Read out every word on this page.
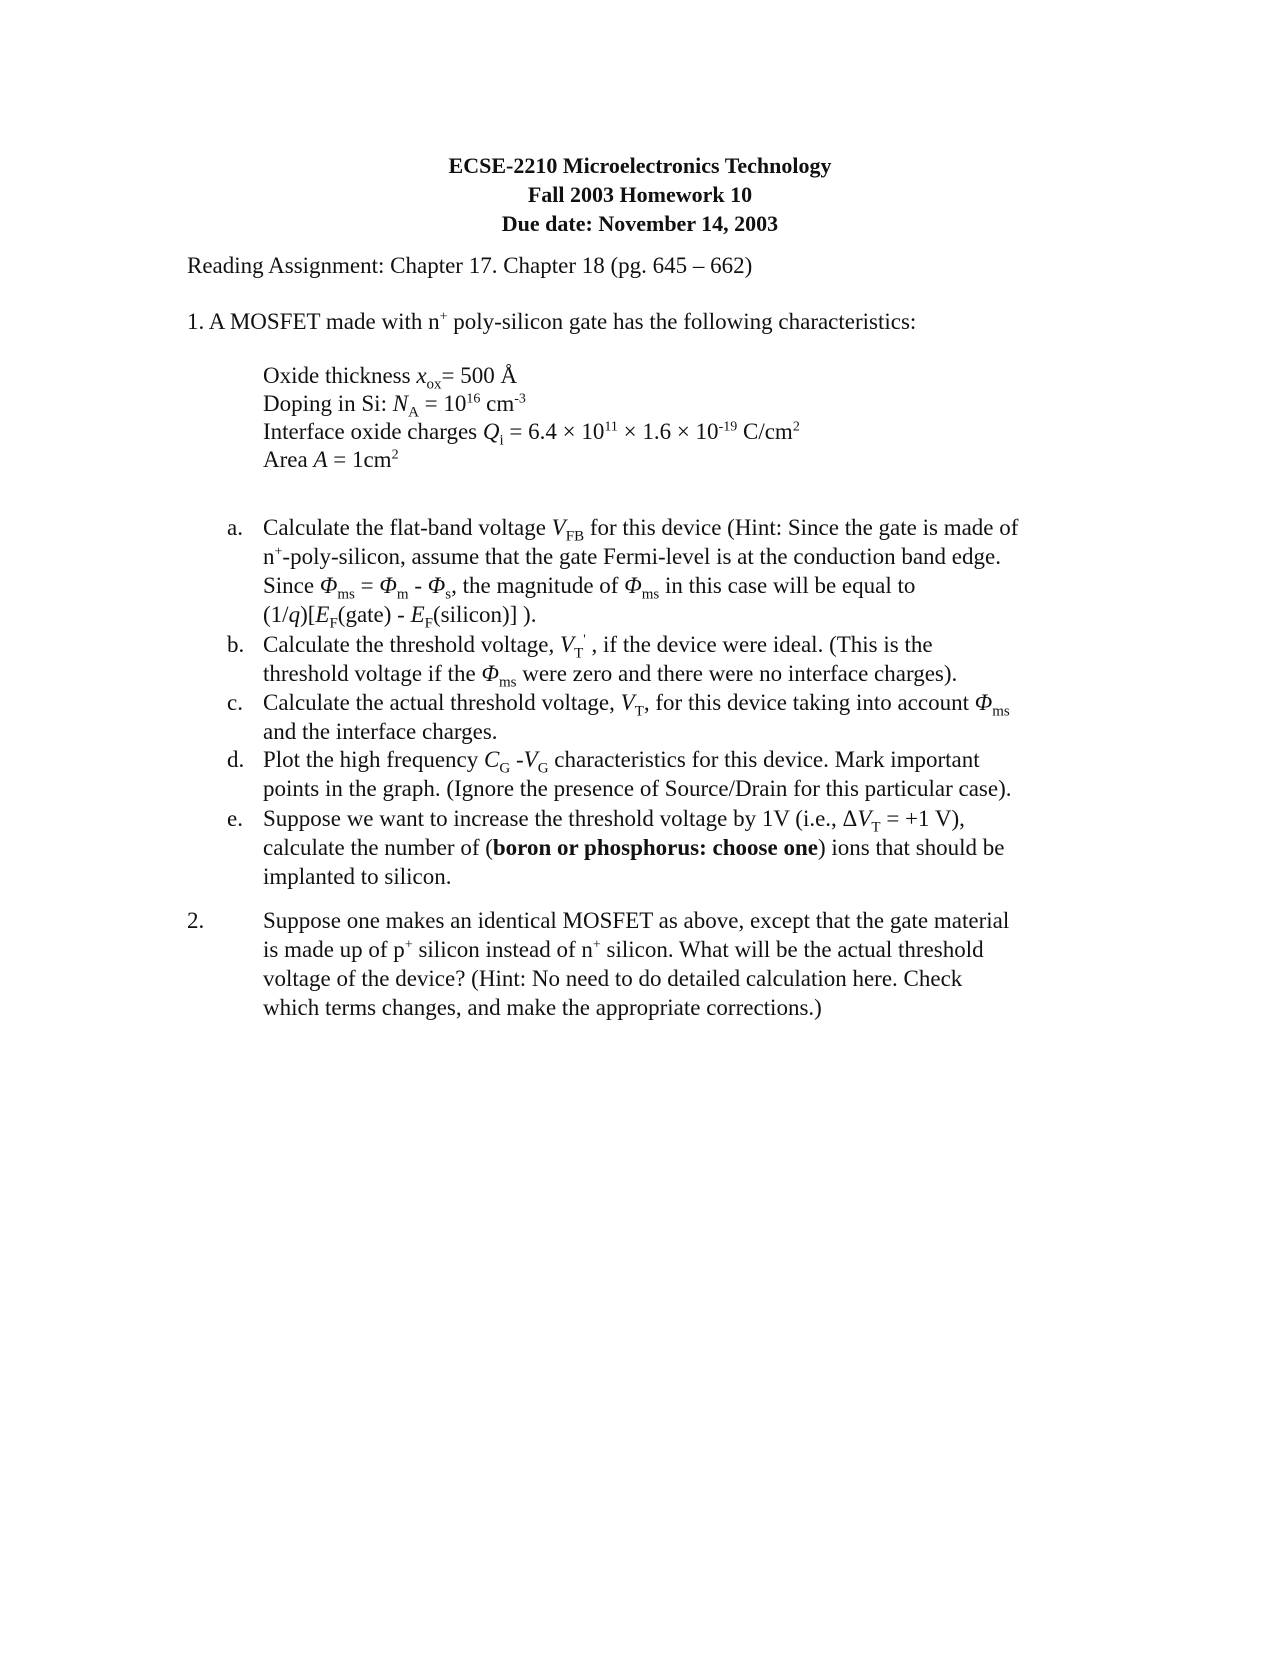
ECSE-2210 Microelectronics Technology
Fall 2003 Homework 10
Due date: November 14, 2003
Reading Assignment: Chapter 17. Chapter 18 (pg. 645 – 662)
1. A MOSFET made with n+ poly-silicon gate has the following characteristics:
Oxide thickness $x_{ox}= 500$ Å
Doping in Si: $N_A = 10^{16}$ $cm^{-3}$
Interface oxide charges $Q_i = 6.4 \times 10^{11} \times 1.6 \times 10^{-19}$ $C/cm^2$
Area $A = 1cm^2$
a. Calculate the flat-band voltage $V_{FB}$ for this device (Hint: Since the gate is made of
n+-poly-silicon, assume that the gate Fermi-level is at the conduction band edge.
Since $\Phi_{ms} = \Phi_m - \Phi_s$, the magnitude of $\Phi_{ms}$ in this case will be equal to
$(1/q)[E_F(gate)$ - $E_F(silicon)$] ).
b. Calculate the threshold voltage, $V_T'$ , if the device were ideal. (This is the
threshold voltage if the $\Phi_{ms}$ were zero and there were no interface charges).
c. Calculate the actual threshold voltage, $V_T$, for this device taking into account $\Phi_{ms}$
and the interface charges.
d. Plot the high frequency $C_G$ $-V_G$ characteristics for this device. Mark important
points in the graph. (Ignore the presence of Source/Drain for this particular case).
e. Suppose we want to increase the threshold voltage by 1V (i.e., $\Delta V_T = +1$ V),
calculate the number of (boron or phosphorus: choose one) ions that should be
implanted to silicon.
2.	Suppose one makes an identical MOSFET as above, except that the gate material
is made up of p+ silicon instead of n+ silicon. What will be the actual threshold
voltage of the device? (Hint: No need to do detailed calculation here. Check
which terms changes, and make the appropriate corrections.)
